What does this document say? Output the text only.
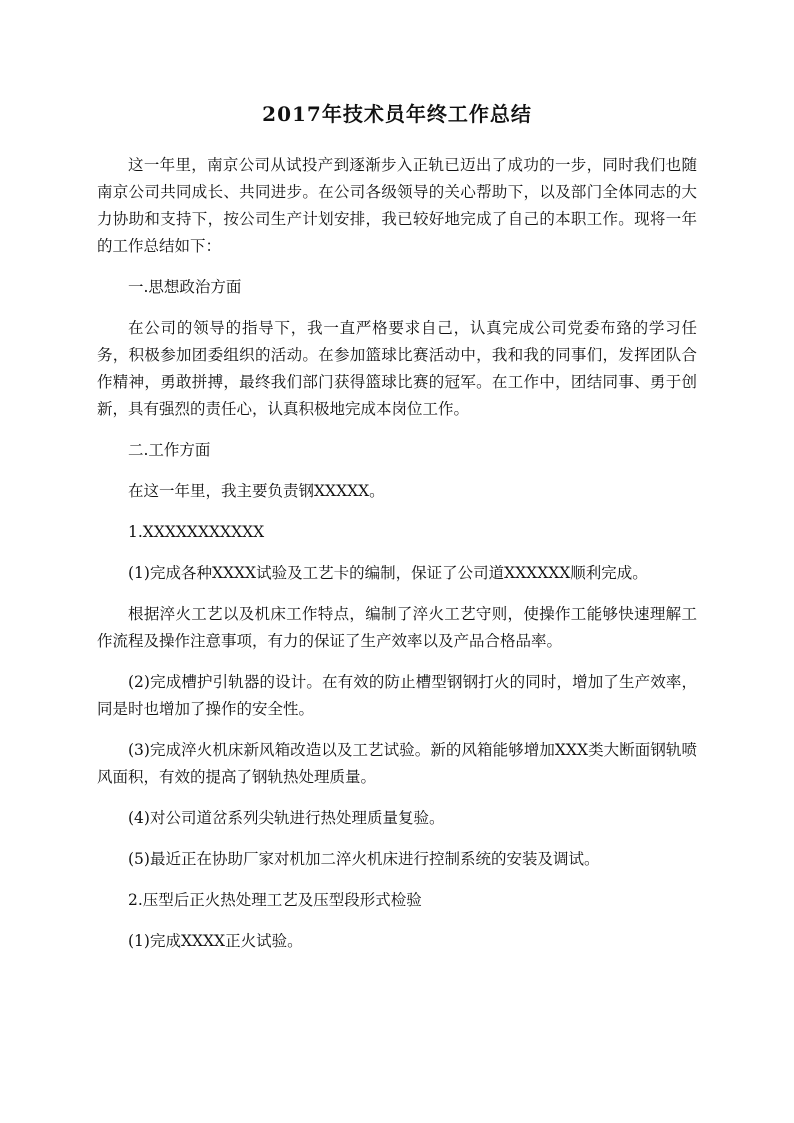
2017年技术员年终工作总结

这一年里，南京公司从试投产到逐渐步入正轨已迈出了成功的一步，同时我们也随南京公司共同成长、共同进步。在公司各级领导的关心帮助下，以及部门全体同志的大力协助和支持下，按公司生产计划安排，我已较好地完成了自己的本职工作。现将一年的工作总结如下：

一.思想政治方面

在公司的领导的指导下，我一直严格要求自己，认真完成公司党委布臵的学习任务，积极参加团委组织的活动。在参加篮球比赛活动中，我和我的同事们，发挥团队合作精神，勇敢拼搏，最终我们部门获得篮球比赛的冠军。在工作中，团结同事、勇于创新，具有强烈的责任心，认真积极地完成本岗位工作。

二.工作方面

在这一年里，我主要负责钢XXXXX。

1.XXXXXXXXXXX

(1)完成各种XXXX试验及工艺卡的编制，保证了公司道XXXXXX顺利完成。

根据淬火工艺以及机床工作特点，编制了淬火工艺守则，使操作工能够快速理解工作流程及操作注意事项，有力的保证了生产效率以及产品合格品率。

(2)完成槽护引轨器的设计。在有效的防止槽型钢钢打火的同时，增加了生产效率，同是时也增加了操作的安全性。

(3)完成淬火机床新风箱改造以及工艺试验。新的风箱能够增加XXX类大断面钢轨喷风面积，有效的提高了钢轨热处理质量。

(4)对公司道岔系列尖轨进行热处理质量复验。

(5)最近正在协助厂家对机加二淬火机床进行控制系统的安装及调试。

2.压型后正火热处理工艺及压型段形式检验

(1)完成XXXX正火试验。
